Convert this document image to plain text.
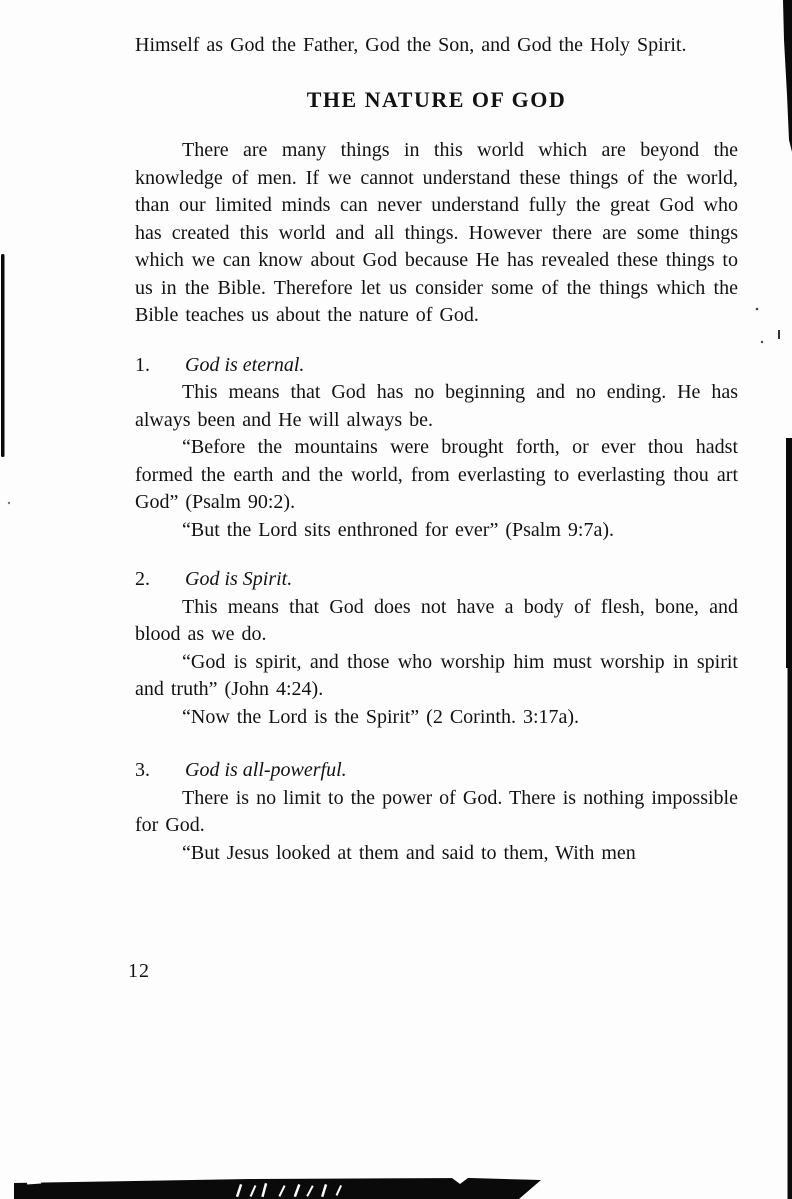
Himself as God the Father, God the Son, and God the Holy Spirit.

THE NATURE OF GOD

There are many things in this world which are beyond the knowledge of men. If we cannot understand these things of the world, than our limited minds can never understand fully the great God who has created this world and all things. However there are some things which we can know about God because He has revealed these things to us in the Bible. Therefore let us consider some of the things which the Bible teaches us about the nature of God.

1.	God is eternal.

This means that God has no beginning and no ending. He has always been and He will always be.

“Before the mountains were brought forth, or ever thou hadst formed the earth and the world, from everlasting to everlasting thou art God” (Psalm 90:2).

“But the Lord sits enthroned for ever” (Psalm 9:7a).

2.	God is Spirit.

This means that God does not have a body of flesh, bone, and blood as we do.

“God is spirit, and those who worship him must worship in spirit and truth” (John 4:24).

“Now the Lord is the Spirit” (2 Corinth. 3:17a).

3.	God is all-powerful.

There is no limit to the power of God. There is nothing impossible for God.

“But Jesus looked at them and said to them, With men

12
